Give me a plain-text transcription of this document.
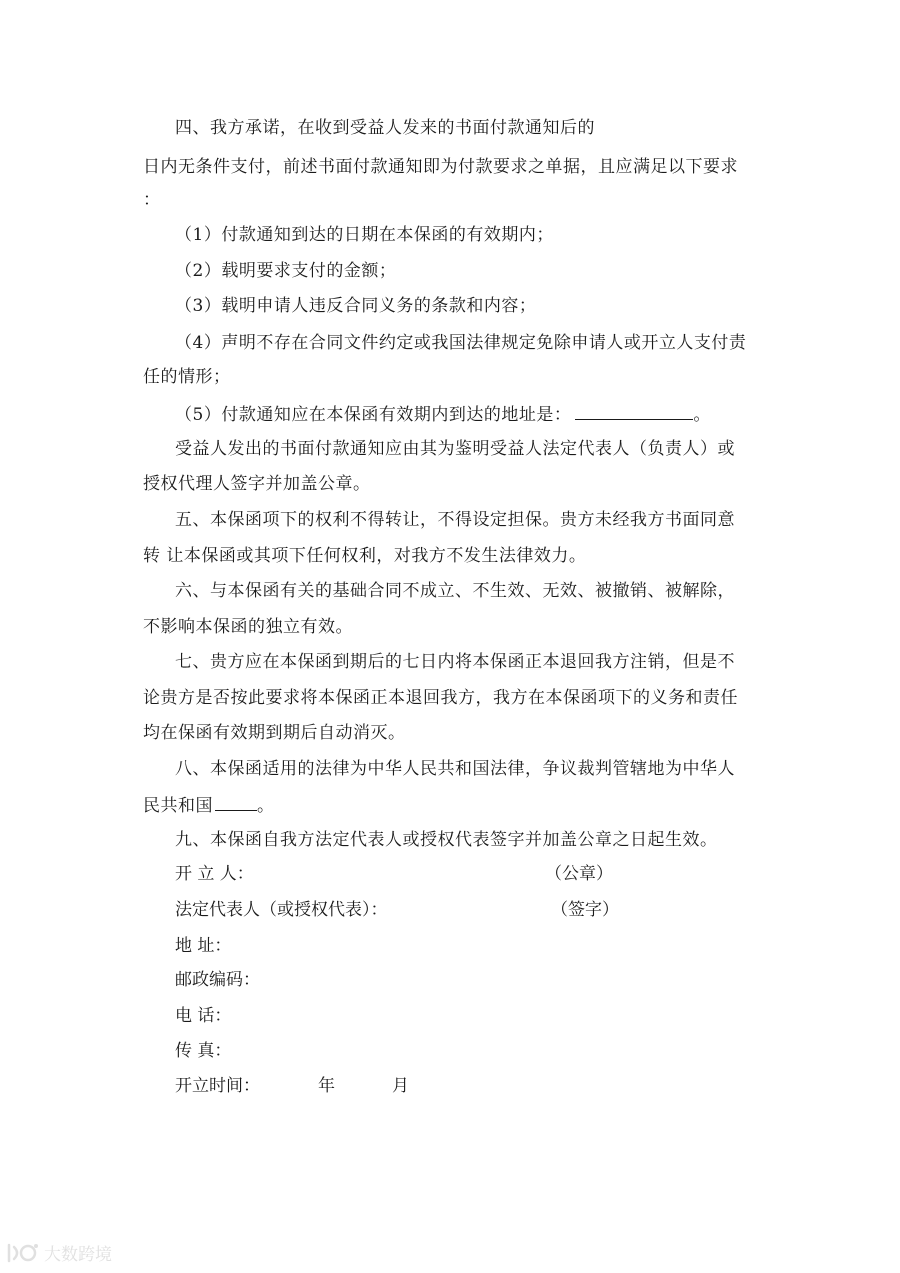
四、我方承诺，在收到受益人发来的书面付款通知后的
日内无条件支付，前述书面付款通知即为付款要求之单据，且应满足以下要求
：
（1）付款通知到达的日期在本保函的有效期内；
（2）载明要求支付的金额；
（3）载明申请人违反合同义务的条款和内容；
（4）声明不存在合同文件约定或我国法律规定免除申请人或开立人支付责
任的情形；
（5）付款通知应在本保函有效期内到达的地址是：	。
受益人发出的书面付款通知应由其为鉴明受益人法定代表人（负责人）或
授权代理人签字并加盖公章。
五、本保函项下的权利不得转让，不得设定担保。贵方未经我方书面同意
转 让本保函或其项下任何权利，对我方不发生法律效力。
六、与本保函有关的基础合同不成立、不生效、无效、被撤销、被解除，
不影响本保函的独立有效。
七、贵方应在本保函到期后的七日内将本保函正本退回我方注销，但是不
论贵方是否按此要求将本保函正本退回我方，我方在本保函项下的义务和责任
均在保函有效期到期后自动消灭。
八、本保函适用的法律为中华人民共和国法律，争议裁判管辖地为中华人
民共和国	。
九、本保函自我方法定代表人或授权代表签字并加盖公章之日起生效。
开 立 人：	（公章）
法定代表人（或授权代表）：	（签字）
地 址：
邮政编码：
电 话：
传 真：
开立时间：	年	月
大数跨境
